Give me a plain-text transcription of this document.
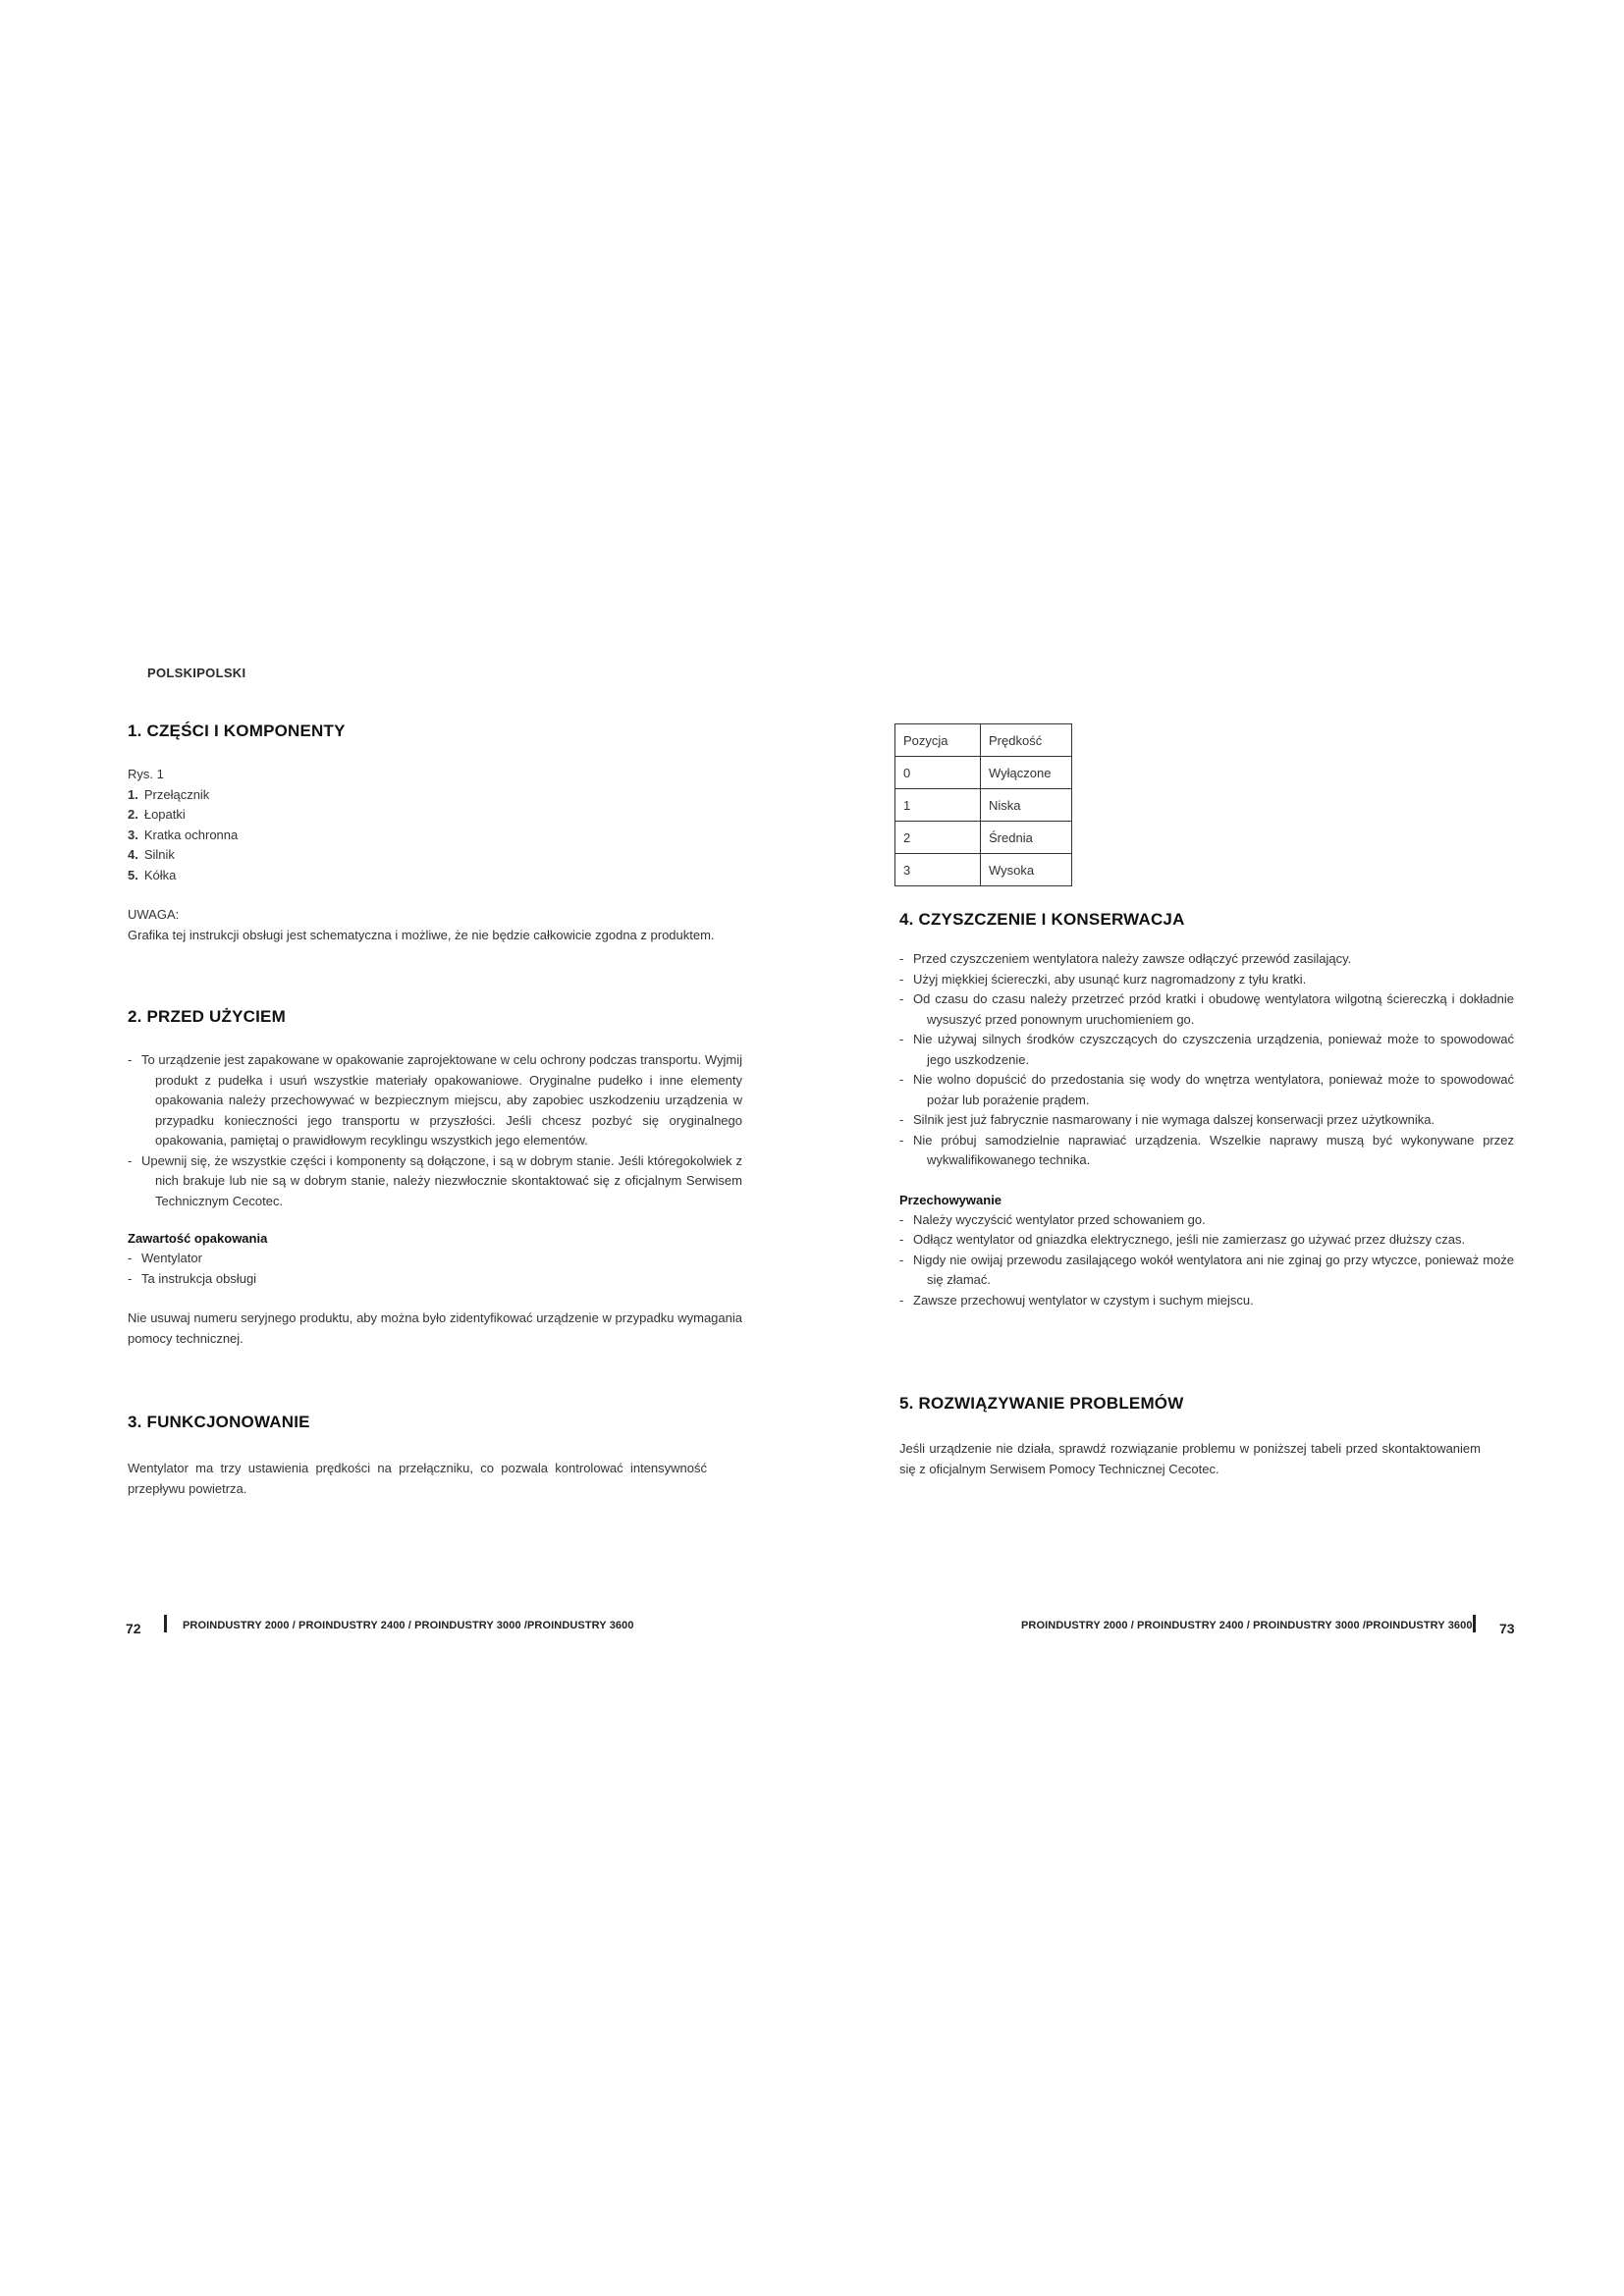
POLSKIPOLSKI
1. CZĘŚCI I KOMPONENTY

Rys. 1

1. Przełącznik
2. Łopatki
3. Kratka ochronna
4. Silnik
5. Kółka

UWAGA:

Grafika tej instrukcji obsługi jest schematyczna i możliwe, że nie będzie całkowicie zgodna z produktem.

2. PRZED UŻYCIEM
- To urządzenie jest zapakowane w opakowanie zaprojektowane w celu ochrony podczas transportu. Wyjmij produkt z pudełka i usuń wszystkie materiały opakowaniowe. Oryginalne pudełko i inne elementy opakowania należy przechowywać w bezpiecznym miejscu, aby zapobiec uszkodzeniu urządzenia w przypadku konieczności jego transportu w przyszłości. Jeśli chcesz pozbyć się oryginalnego opakowania, pamiętaj o prawidłowym recyklingu wszystkich jego elementów.
- Upewnij się, że wszystkie części i komponenty są dołączone, i są w dobrym stanie. Jeśli któregokolwiek z nich brakuje lub nie są w dobrym stanie, należy niezwłocznie skontaktować się z oficjalnym Serwisem Technicznym Cecotec.

Zawartość opakowania

- Wentylator
- Ta instrukcja obsługi

Nie usuwaj numeru seryjnego produktu, aby można było zidentyfikować urządzenie w przypadku wymagania pomocy technicznej.

3. FUNKCJONOWANIE

Wentylator ma trzy ustawienia prędkości na przełączniku, co pozwala kontrolować intensywność przepływu powietrza.

72	PROINDUSTRY 2000 / PROINDUSTRY 2400 / PROINDUSTRY 3000 /PROINDUSTRY 3600
Pozycja	Prędkość
0	Wyłączone
1	Niska
2	Średnia
3	Wysoka
4. CZYSZCZENIE I KONSERWACJA
- Przed czyszczeniem wentylatora należy zawsze odłączyć przewód zasilający.
- Użyj miękkiej ściereczki, aby usunąć kurz nagromadzony z tyłu kratki.
- Od czasu do czasu należy przetrzeć przód kratki i obudowę wentylatora wilgotną ściereczką i dokładnie wysuszyć przed ponownym uruchomieniem go.
- Nie używaj silnych środków czyszczących do czyszczenia urządzenia, ponieważ może to spowodować jego uszkodzenie.
- Nie wolno dopuścić do przedostania się wody do wnętrza wentylatora, ponieważ może to spowodować pożar lub porażenie prądem.
- Silnik jest już fabrycznie nasmarowany i nie wymaga dalszej konserwacji przez użytkownika.
- Nie próbuj samodzielnie naprawiać urządzenia. Wszelkie naprawy muszą być wykonywane przez wykwalifikowanego technika.

Przechowywanie

- Należy wyczyścić wentylator przed schowaniem go.
- Odłącz wentylator od gniazdka elektrycznego, jeśli nie zamierzasz go używać przez dłuższy czas.
- Nigdy nie owijaj przewodu zasilającego wokół wentylatora ani nie zginaj go przy wtyczce, ponieważ może się złamać.
- Zawsze przechowuj wentylator w czystym i suchym miejscu.
5. ROZWIĄZYWANIE PROBLEMÓW

Jeśli urządzenie nie działa, sprawdź rozwiązanie problemu w poniższej tabeli przed skontaktowaniem się z oficjalnym Serwisem Pomocy Technicznej Cecotec.

PROINDUSTRY 2000 / PROINDUSTRY 2400 / PROINDUSTRY 3000 /PROINDUSTRY 3600 73
